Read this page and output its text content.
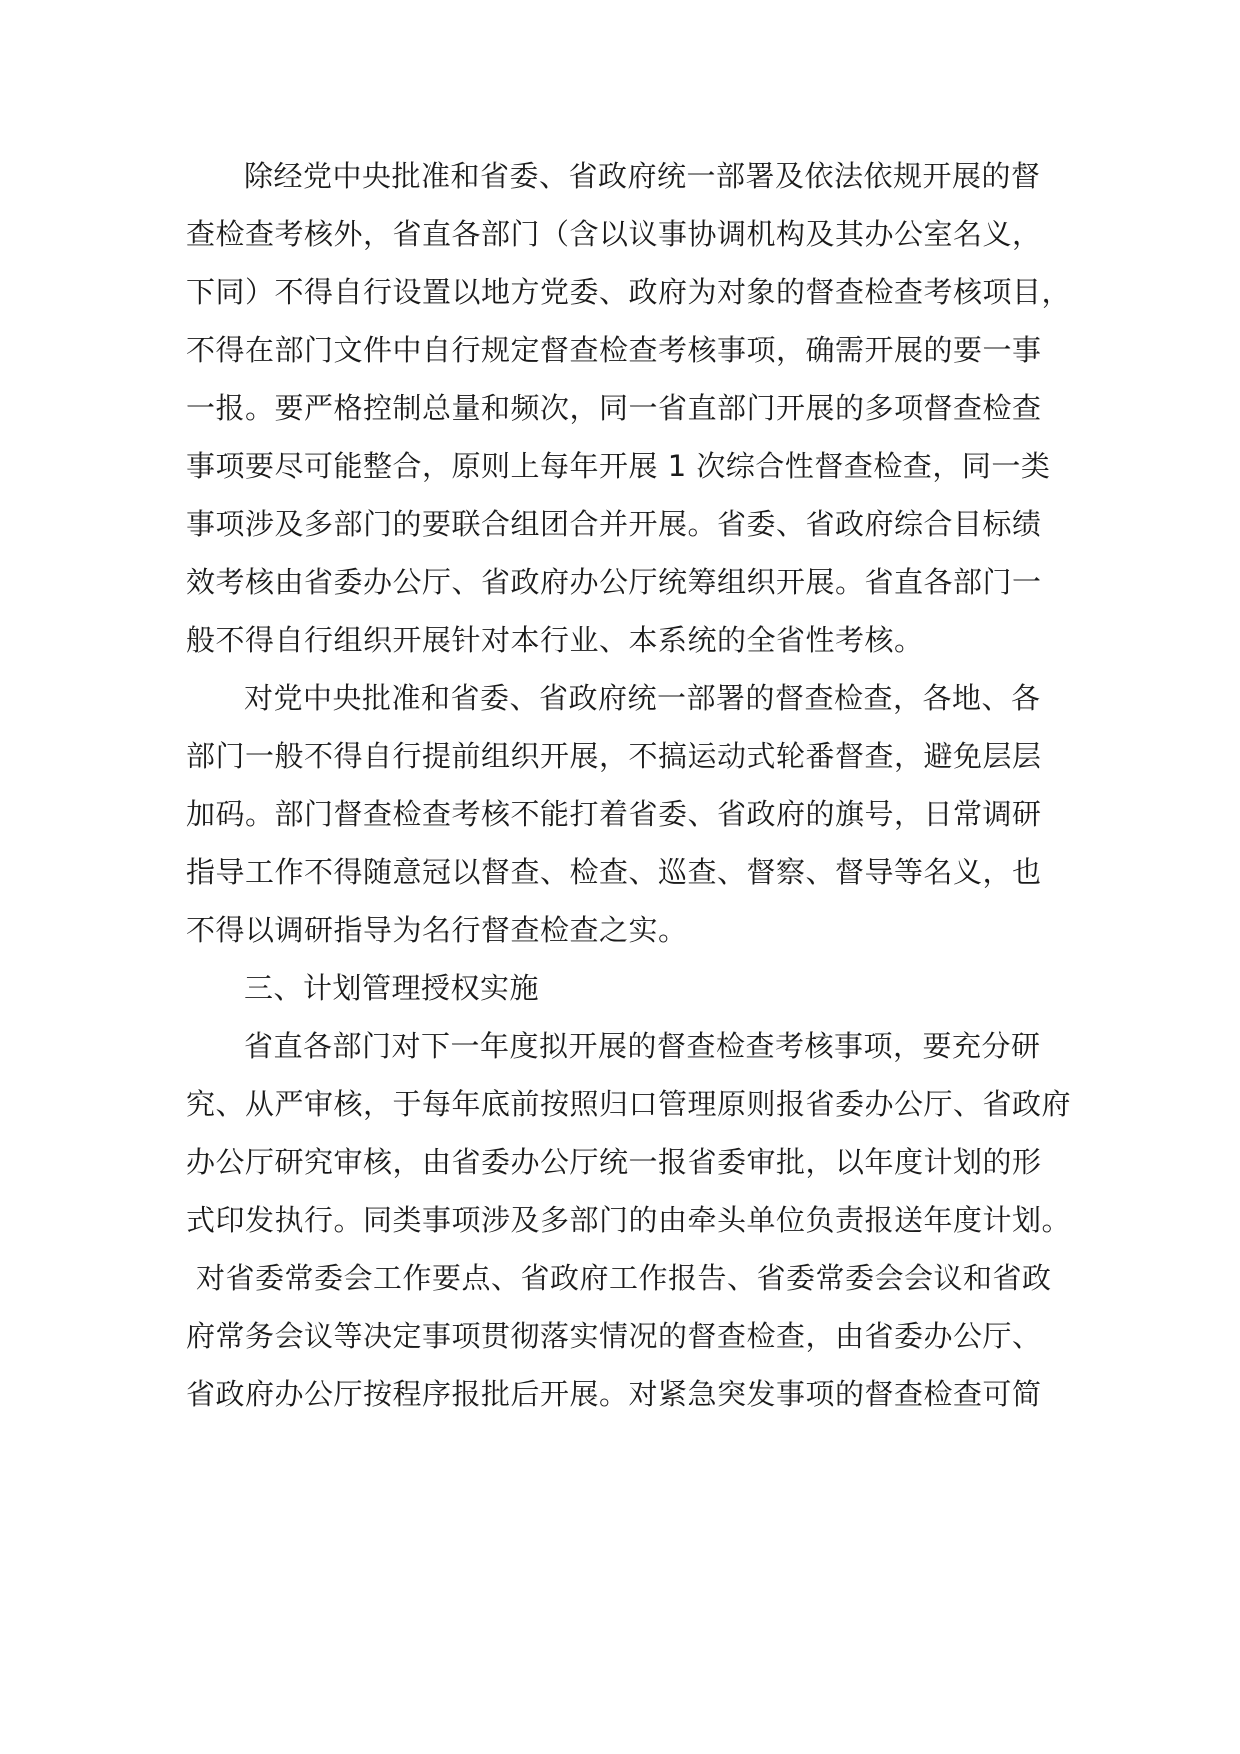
除经党中央批准和省委、省政府统一部署及依法依规开展的督
查检查考核外，省直各部门（含以议事协调机构及其办公室名义，
下同）不得自行设置以地方党委、政府为对象的督查检查考核项目，
不得在部门文件中自行规定督查检查考核事项，确需开展的要一事
一报。要严格控制总量和频次，同一省直部门开展的多项督查检查
事项要尽可能整合，原则上每年开展 1 次综合性督查检查，同一类
事项涉及多部门的要联合组团合并开展。省委、省政府综合目标绩
效考核由省委办公厅、省政府办公厅统筹组织开展。省直各部门一
般不得自行组织开展针对本行业、本系统的全省性考核。
对党中央批准和省委、省政府统一部署的督查检查，各地、各
部门一般不得自行提前组织开展，不搞运动式轮番督查，避免层层
加码。部门督查检查考核不能打着省委、省政府的旗号，日常调研
指导工作不得随意冠以督查、检查、巡查、督察、督导等名义，也
不得以调研指导为名行督查检查之实。
三、计划管理授权实施
省直各部门对下一年度拟开展的督查检查考核事项，要充分研
究、从严审核，于每年底前按照归口管理原则报省委办公厅、省政府
办公厅研究审核，由省委办公厅统一报省委审批，以年度计划的形
式印发执行。同类事项涉及多部门的由牵头单位负责报送年度计划。
对省委常委会工作要点、省政府工作报告、省委常委会会议和省政
府常务会议等决定事项贯彻落实情况的督查检查，由省委办公厅、
省政府办公厅按程序报批后开展。对紧急突发事项的督查检查可简
